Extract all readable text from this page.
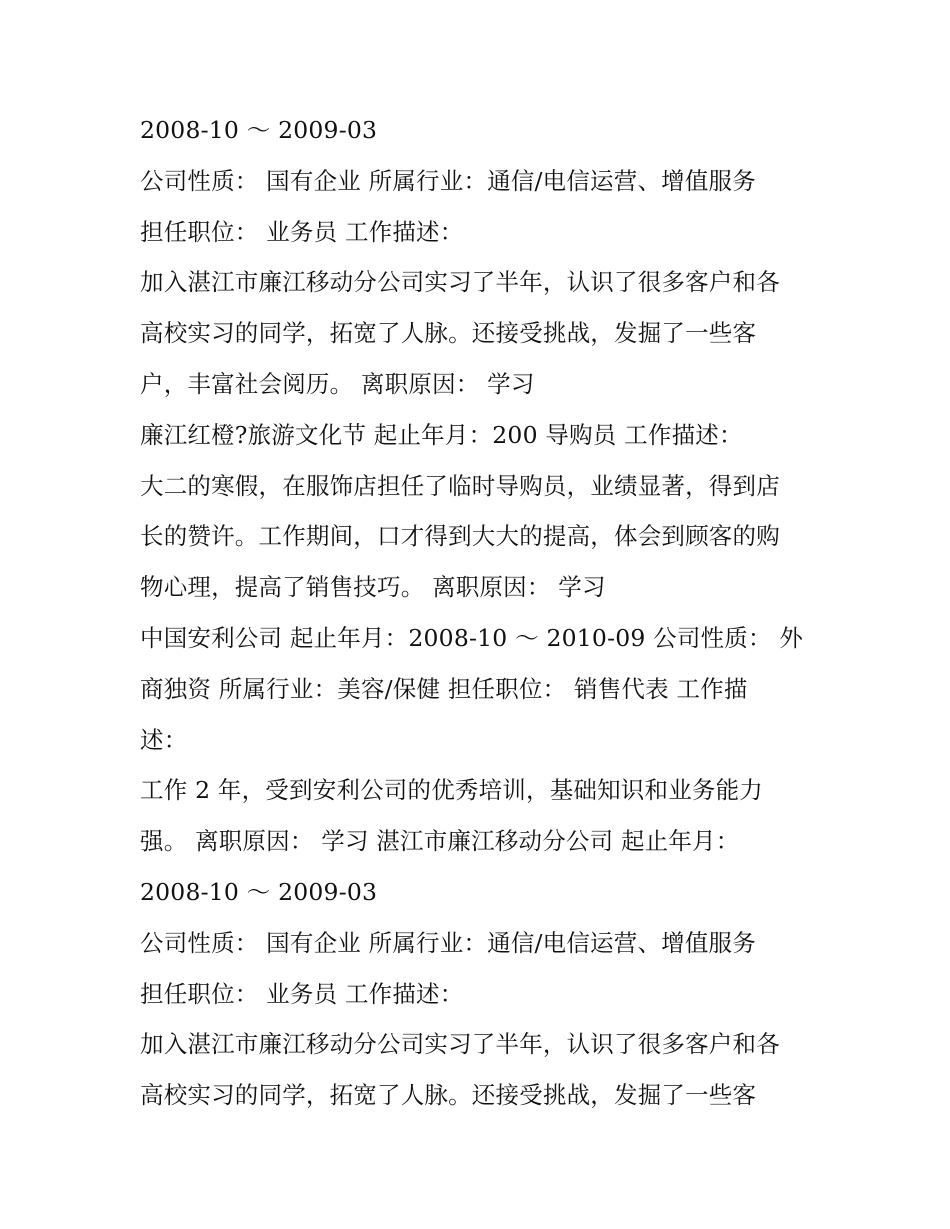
2008-10 ～ 2009-03
公司性质： 国有企业 所属行业：通信/电信运营、增值服务
担任职位： 业务员 工作描述：
加入湛江市廉江移动分公司实习了半年，认识了很多客户和各
高校实习的同学，拓宽了人脉。还接受挑战，发掘了一些客
户，丰富社会阅历。 离职原因： 学习
廉江红橙?旅游文化节 起止年月：200 导购员 工作描述：
大二的寒假，在服饰店担任了临时导购员，业绩显著，得到店
长的赞许。工作期间，口才得到大大的提高，体会到顾客的购
物心理，提高了销售技巧。 离职原因： 学习
中国安利公司 起止年月：2008-10 ～ 2010-09 公司性质： 外
商独资 所属行业：美容/保健 担任职位： 销售代表 工作描
述：
工作 2 年，受到安利公司的优秀培训，基础知识和业务能力
强。 离职原因： 学习 湛江市廉江移动分公司 起止年月：
2008-10 ～ 2009-03
公司性质： 国有企业 所属行业：通信/电信运营、增值服务
担任职位： 业务员 工作描述：
加入湛江市廉江移动分公司实习了半年，认识了很多客户和各
高校实习的同学，拓宽了人脉。还接受挑战，发掘了一些客
